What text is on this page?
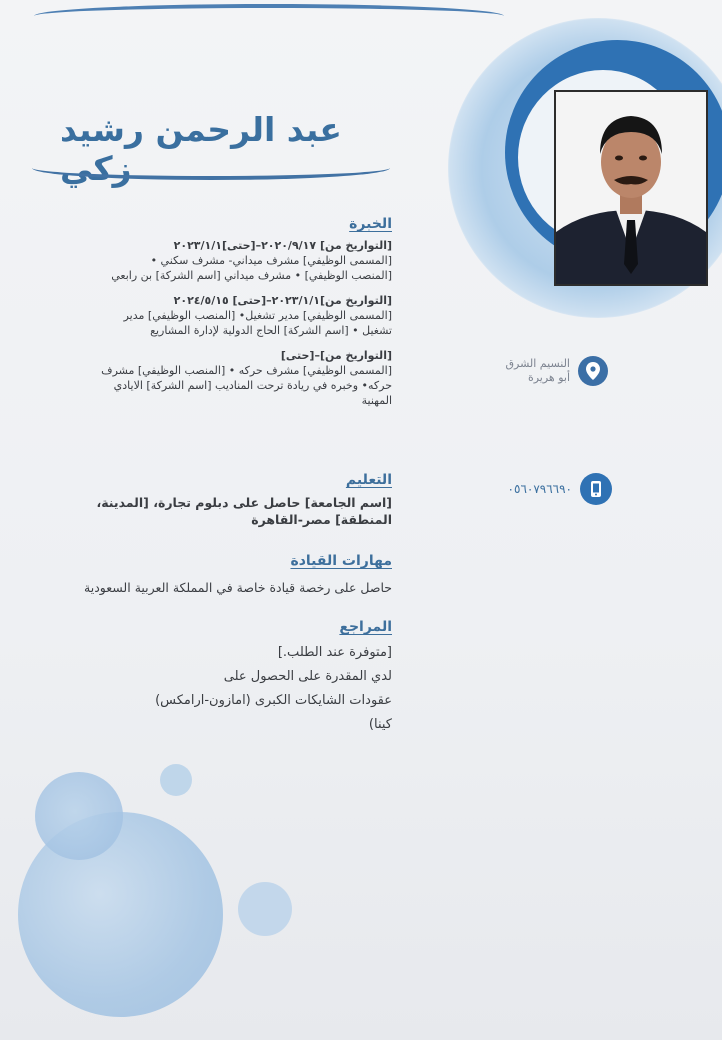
عبد الرحمن رشيد زكي
الخبرة
[التواريخ من] ٢٠٢٠/٩/١٧–[حتى]٢٠٢٣/١/١
[المسمى الوظيفي] مشرف ميداني- مشرف سكني •
[المنصب الوظيفي] • مشرف ميداني [اسم الشركة] بن رابعي
[التواريخ من]٢٠٢٣/١/١–[حتى] ٢٠٢٤/٥/١٥
[المسمى الوظيفي] مدير تشغيل• [المنصب الوظيفي] مدير
تشغيل • [اسم الشركة] الحاج الدولية لإدارة المشاريع
[التواريخ من]–[حتى]
[المسمى الوظيفي] مشرف حركه • [المنصب الوظيفي] مشرف
حركه• وخبره في ريادة ترحت المناديب [اسم الشركة] الايادي
المهنية
النسيم الشرق
أبو هريرة
٠٥٦٠٧٩٦٦٩٠
التعليم
[اسم الجامعة] حاصل على دبلوم تجارة، [المدينة، المنطقة] مصر-القاهرة
مهارات القيادة
حاصل على رخصة قيادة خاصة في المملكة العربية السعودية
المراجع
[متوفرة عند الطلب.]
لدي المقدرة على الحصول على
عقودات الشايكات الكبرى (امازون-ارامكس)
كينا)
